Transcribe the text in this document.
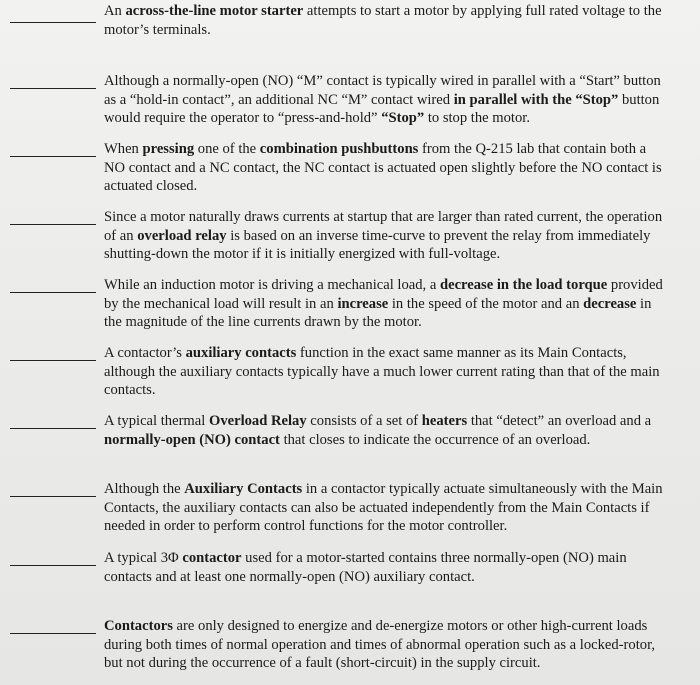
An across-the-line motor starter attempts to start a motor by applying full rated voltage to the motor’s terminals.

Although a normally-open (NO) “M” contact is typically wired in parallel with a “Start” button as a “hold-in contact”, an additional NC “M” contact wired in parallel with the “Stop” button would require the operator to “press-and-hold” “Stop” to stop the motor.

When pressing one of the combination pushbuttons from the Q-215 lab that contain both a NO contact and a NC contact, the NC contact is actuated open slightly before the NO contact is actuated closed.

Since a motor naturally draws currents at startup that are larger than rated current, the operation of an overload relay is based on an inverse time-curve to prevent the relay from immediately shutting-down the motor if it is initially energized with full-voltage.

While an induction motor is driving a mechanical load, a decrease in the load torque provided by the mechanical load will result in an increase in the speed of the motor and an decrease in the magnitude of the line currents drawn by the motor.

A contactor’s auxiliary contacts function in the exact same manner as its Main Contacts, although the auxiliary contacts typically have a much lower current rating than that of the main contacts.

A typical thermal Overload Relay consists of a set of heaters that “detect” an overload and a normally-open (NO) contact that closes to indicate the occurrence of an overload.

Although the Auxiliary Contacts in a contactor typically actuate simultaneously with the Main Contacts, the auxiliary contacts can also be actuated independently from the Main Contacts if needed in order to perform control functions for the motor controller.

A typical 3Φ contactor used for a motor-started contains three normally-open (NO) main contacts and at least one normally-open (NO) auxiliary contact.

Contactors are only designed to energize and de-energize motors or other high-current loads during both times of normal operation and times of abnormal operation such as a locked-rotor, but not during the occurrence of a fault (short-circuit) in the supply circuit.
